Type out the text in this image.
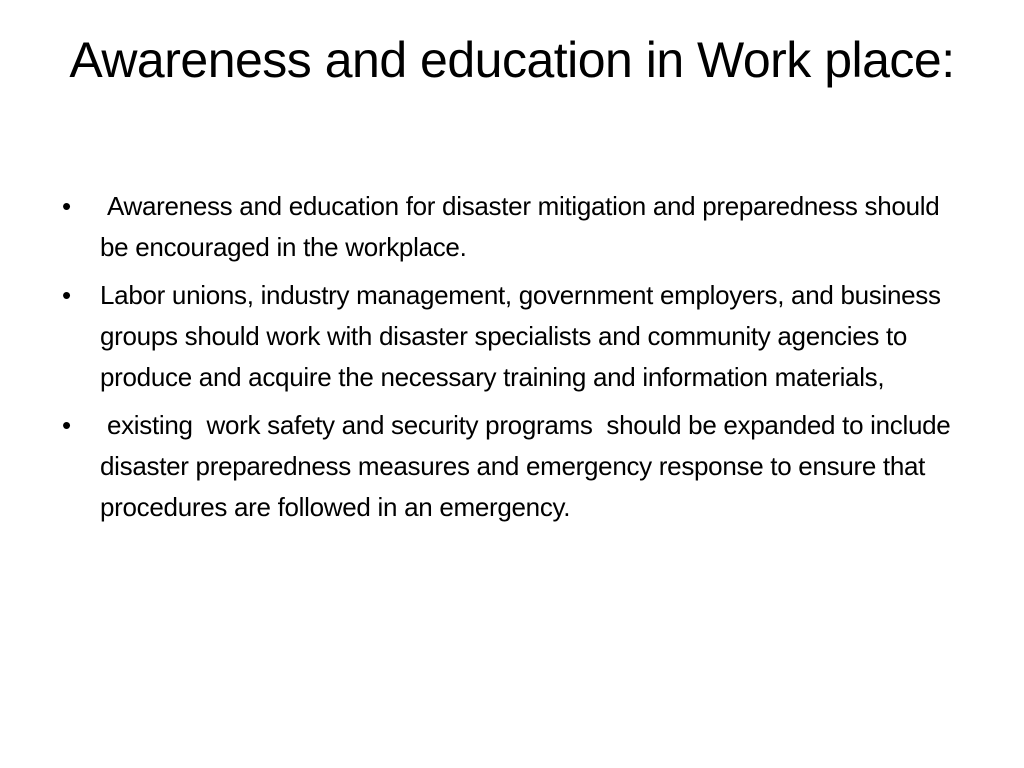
Awareness and education in Work place:
•	Awareness and education for disaster mitigation and preparedness should be encouraged in the workplace.
•	Labor unions, industry management, government employers, and business groups should work with disaster specialists and community agencies to produce and acquire the necessary training and information materials,
•	existing  work safety and security programs  should be expanded to include disaster preparedness measures and emergency response to ensure that procedures are followed in an emergency.
